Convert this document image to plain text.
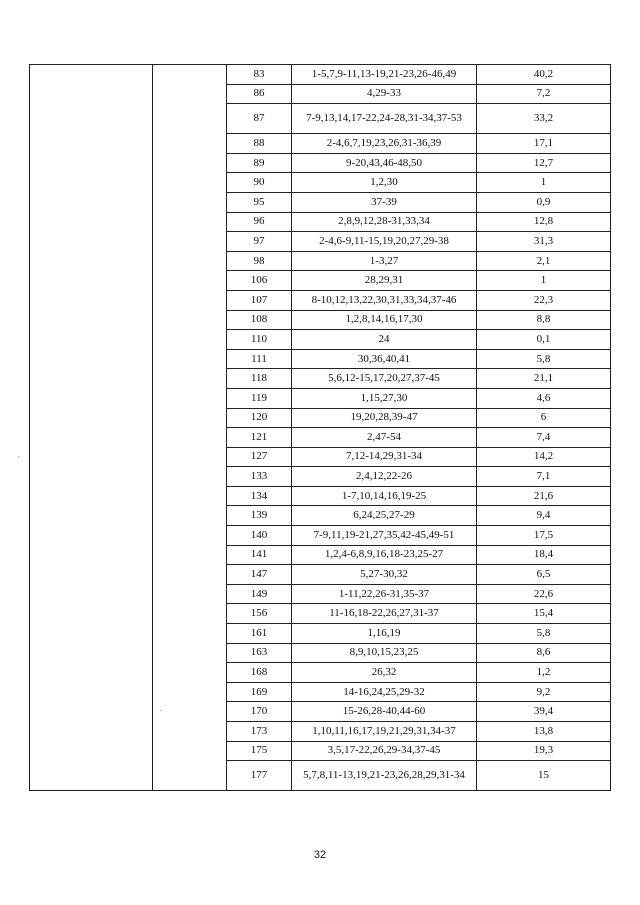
		83	1-5,7,9-11,13-19,21-23,26-46,49	40,2
		86	4,29-33	7,2
		87	7-9,13,14,17-22,24-28,31-34,37-53	33,2
		88	2-4,6,7,19,23,26,31-36,39	17,1
		89	9-20,43,46-48,50	12,7
		90	1,2,30	1
		95	37-39	0,9
		96	2,8,9,12,28-31,33,34	12,8
		97	2-4,6-9,11-15,19,20,27,29-38	31,3
		98	1-3,27	2,1
		106	28,29,31	1
		107	8-10,12,13,22,30,31,33,34,37-46	22,3
		108	1,2,8,14,16,17,30	8,8
		110	24	0,1
		111	30,36,40,41	5,8
		118	5,6,12-15,17,20,27,37-45	21,1
		119	1,15,27,30	4,6
		120	19,20,28,39-47	6
		121	2,47-54	7,4
		127	7,12-14,29,31-34	14,2
		133	2,4,12,22-26	7,1
		134	1-7,10,14,16,19-25	21,6
		139	6,24,25,27-29	9,4
		140	7-9,11,19-21,27,35,42-45,49-51	17,5
		141	1,2,4-6,8,9,16,18-23,25-27	18,4
		147	5,27-30,32	6,5
		149	1-11,22,26-31,35-37	22,6
		156	11-16,18-22,26,27,31-37	15,4
		161	1,16,19	5,8
		163	8,9,10,15,23,25	8,6
		168	26,32	1,2
		169	14-16,24,25,29-32	9,2
		170	15-26,28-40,44-60	39,4
		173	1,10,11,16,17,19,21,29,31,34-37	13,8
		175	3,5,17-22,26,29-34,37-45	19,3
		177	5,7,8,11-13,19,21-23,26,28,29,31-34	15
32
